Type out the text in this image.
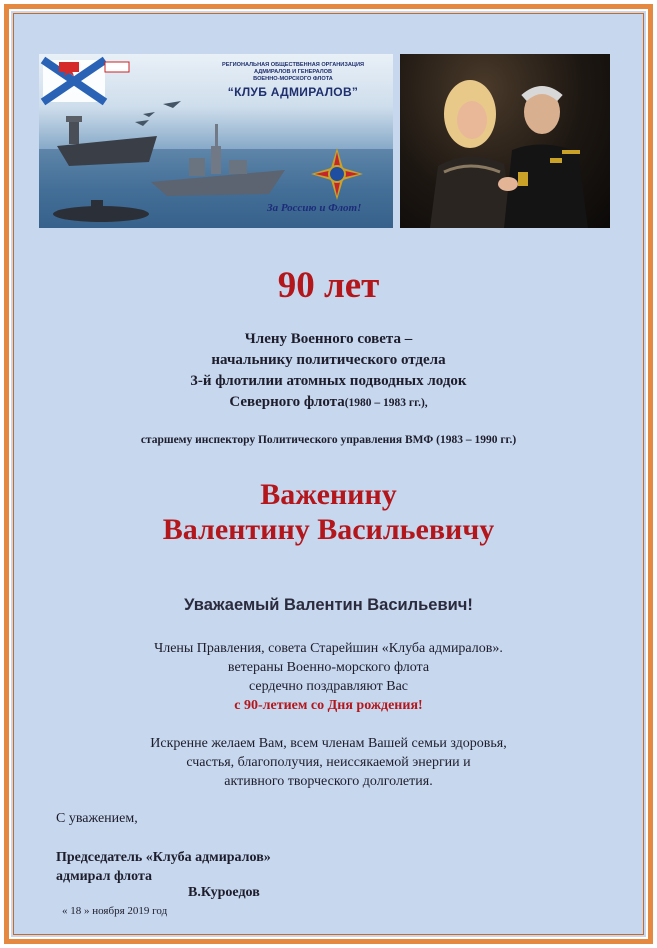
РЕГИОНАЛЬНАЯ ОБЩЕСТВЕННАЯ ОРГАНИЗАЦИЯ
АДМИРАЛОВ И ГЕНЕРАЛОВ
ВОЕННО-МОРСКОГО ФЛОТА
“КЛУБ АДМИРАЛОВ”
За Россию и Флот!
90 лет
Члену Военного совета –
начальнику политического отдела
3-й флотилии атомных подводных лодок
Северного флота(1980 – 1983 гг.),
старшему инспектору Политического управления ВМФ (1983 – 1990 гг.)
Важенину
Валентину Васильевичу
Уважаемый Валентин Васильевич!
Члены Правления, совета Старейшин «Клуба адмиралов».
ветераны Военно-морского флота
сердечно поздравляют Вас
с 90-летием со Дня рождения!
Искренне желаем Вам, всем членам Вашей семьи здоровья,
счастья, благополучия, неиссякаемой энергии и
активного творческого долголетия.
С уважением,
Председатель «Клуба адмиралов»
адмирал флота
В.Куроедов
« 18 » ноября 2019 год
